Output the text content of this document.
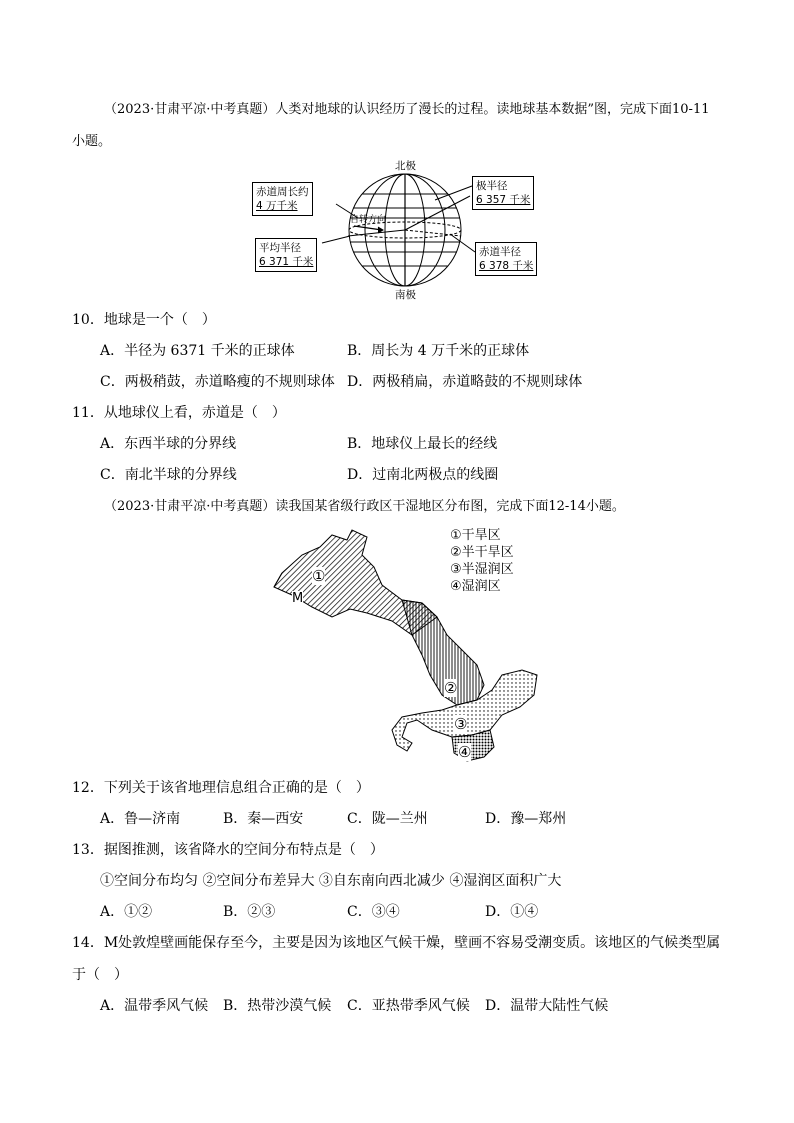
（2023·甘肃平凉·中考真题）人类对地球的认识经历了漫长的过程。读地球基本数据”图，完成下面10-11
小题。
北极
南极
自转方向
赤道周长约
4 万千米
平均半径
6 371 千米
极半径
6 357 千米
赤道半径
6 378 千米
10．地球是一个（　）
A．半径为 6371 千米的正球体	B．周长为 4 万千米的正球体
C．两极稍鼓，赤道略瘦的不规则球体 D．两极稍扁，赤道略鼓的不规则球体
11．从地球仪上看，赤道是（　）
A．东西半球的分界线	B．地球仪上最长的经线
C．南北半球的分界线	D．过南北两极点的线圈
（2023·甘肃平凉·中考真题）读我国某省级行政区干湿地区分布图，完成下面12-14小题。
①干旱区
②半干旱区
③半湿润区
④湿润区
①
M
②
③
④
12．下列关于该省地理信息组合正确的是（　）
A．鲁—济南	B．秦—西安	C．陇—兰州	D．豫—郑州
13．据图推测，该省降水的空间分布特点是（　）
①空间分布均匀 ②空间分布差异大 ③自东南向西北减少 ④湿润区面积广大
A．①②	B．②③	C．③④	D．①④
14．M处敦煌壁画能保存至今，主要是因为该地区气候干燥，壁画不容易受潮变质。该地区的气候类型属
于（　）
A．温带季风气候 B．热带沙漠气候 C．亚热带季风气候 D．温带大陆性气候
